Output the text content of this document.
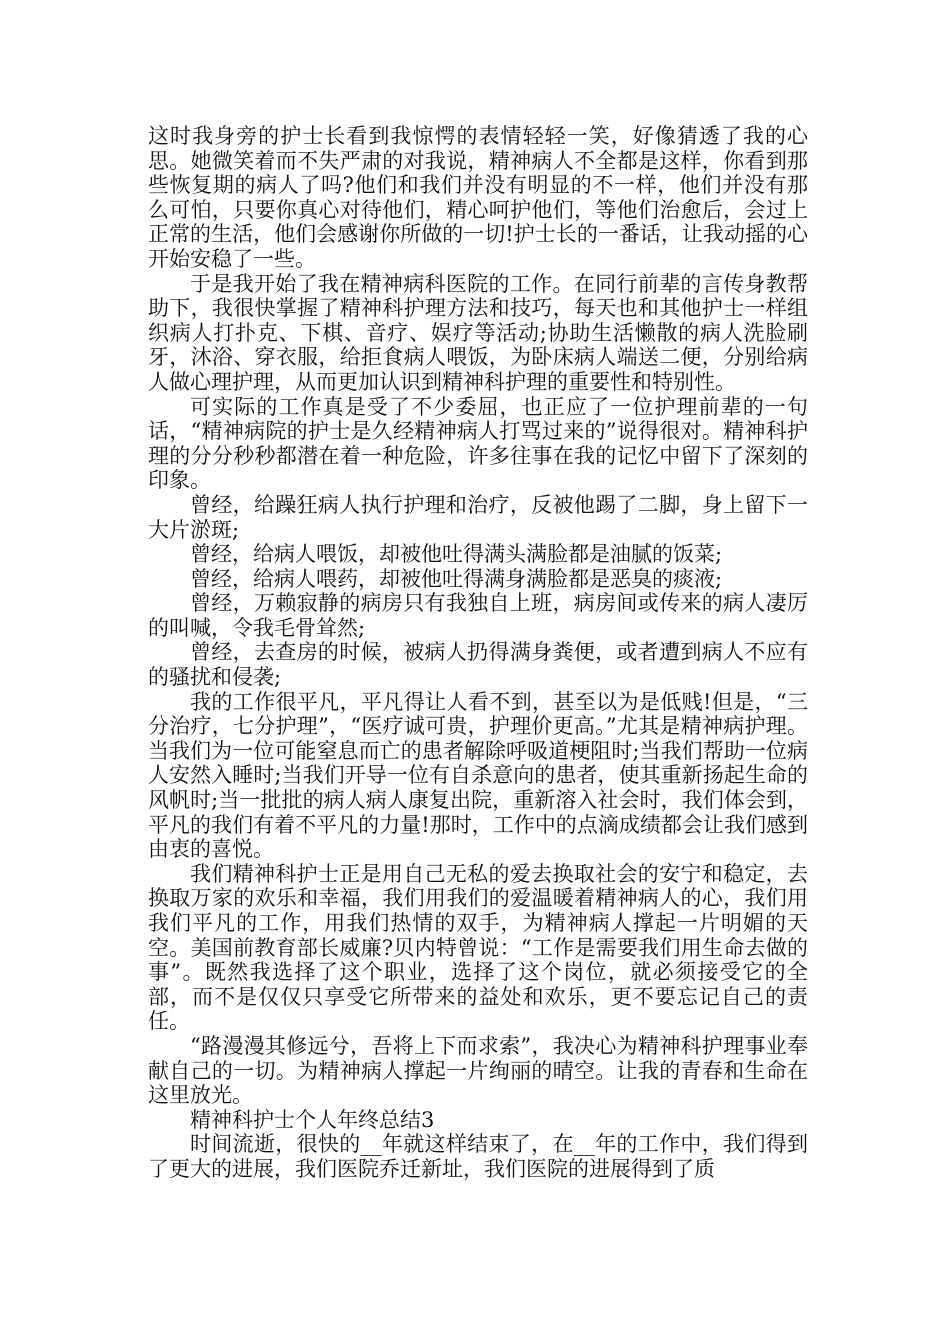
这时我身旁的护士长看到我惊愕的表情轻轻一笑，好像猜透了我的心思。她微笑着而不失严肃的对我说，精神病人不全都是这样，你看到那些恢复期的病人了吗?他们和我们并没有明显的不一样，他们并没有那么可怕，只要你真心对待他们，精心呵护他们，等他们治愈后，会过上正常的生活，他们会感谢你所做的一切!护士长的一番话，让我动摇的心开始安稳了一些。

于是我开始了我在精神病科医院的工作。在同行前辈的言传身教帮助下，我很快掌握了精神科护理方法和技巧，每天也和其他护士一样组织病人打扑克、下棋、音疗、娱疗等活动;协助生活懒散的病人洗脸刷牙，沐浴、穿衣服，给拒食病人喂饭，为卧床病人端送二便，分别给病人做心理护理，从而更加认识到精神科护理的重要性和特别性。

可实际的工作真是受了不少委屈，也正应了一位护理前辈的一句话，“精神病院的护士是久经精神病人打骂过来的”说得很对。精神科护理的分分秒秒都潜在着一种危险，许多往事在我的记忆中留下了深刻的印象。

曾经，给躁狂病人执行护理和治疗，反被他踢了二脚，身上留下一大片淤斑;

曾经，给病人喂饭，却被他吐得满头满脸都是油腻的饭菜;

曾经，给病人喂药，却被他吐得满身满脸都是恶臭的痰液;

曾经，万赖寂静的病房只有我独自上班，病房间或传来的病人凄厉的叫喊，令我毛骨耸然;

曾经，去查房的时候，被病人扔得满身粪便，或者遭到病人不应有的骚扰和侵袭;

我的工作很平凡，平凡得让人看不到，甚至以为是低贱!但是，“三分治疗，七分护理”，“医疗诚可贵，护理价更高。”尤其是精神病护理。当我们为一位可能窒息而亡的患者解除呼吸道梗阻时;当我们帮助一位病人安然入睡时;当我们开导一位有自杀意向的患者，使其重新扬起生命的风帆时;当一批批的病人病人康复出院，重新溶入社会时，我们体会到，平凡的我们有着不平凡的力量!那时，工作中的点滴成绩都会让我们感到由衷的喜悦。

我们精神科护士正是用自己无私的爱去换取社会的安宁和稳定，去换取万家的欢乐和幸福，我们用我们的爱温暖着精神病人的心，我们用我们平凡的工作，用我们热情的双手，为精神病人撑起一片明媚的天空。美国前教育部长威廉?贝内特曾说：“工作是需要我们用生命去做的事”。既然我选择了这个职业，选择了这个岗位，就必须接受它的全部，而不是仅仅只享受它所带来的益处和欢乐，更不要忘记自己的责任。

“路漫漫其修远兮，吾将上下而求索”，我决心为精神科护理事业奉献自己的一切。为精神病人撑起一片绚丽的晴空。让我的青春和生命在这里放光。

精神科护士个人年终总结3

时间流逝，很快的__年就这样结束了，在__年的工作中，我们得到了更大的进展，我们医院乔迁新址，我们医院的进展得到了质
